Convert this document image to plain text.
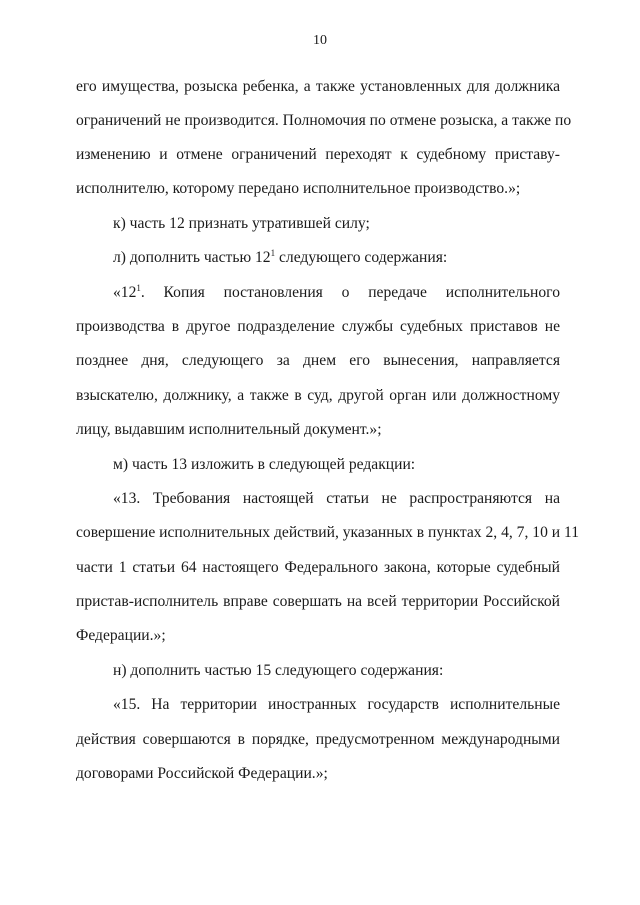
10
его имущества, розыска ребенка, а также установленных для должника
ограничений не производится. Полномочия по отмене розыска, а также по
изменению и отмене ограничений переходят к судебному приставу-
исполнителю, которому передано исполнительное производство.»;
к) часть 12 признать утратившей силу;
л) дополнить частью $12^1$ следующего содержания:
«$12^1$. Копия постановления о передаче исполнительного
производства в другое подразделение службы судебных приставов не
позднее дня, следующего за днем его вынесения, направляется
взыскателю, должнику, а также в суд, другой орган или должностному
лицу, выдавшим исполнительный документ.»;
м) часть 13 изложить в следующей редакции:
«13. Требования настоящей статьи не распространяются на
совершение исполнительных действий, указанных в пунктах 2, 4, 7, 10 и 11
части 1 статьи 64 настоящего Федерального закона, которые судебный
пристав-исполнитель вправе совершать на всей территории Российской
Федерации.»;
н) дополнить частью 15 следующего содержания:
«15. На территории иностранных государств исполнительные
действия совершаются в порядке, предусмотренном международными
договорами Российской Федерации.»;
